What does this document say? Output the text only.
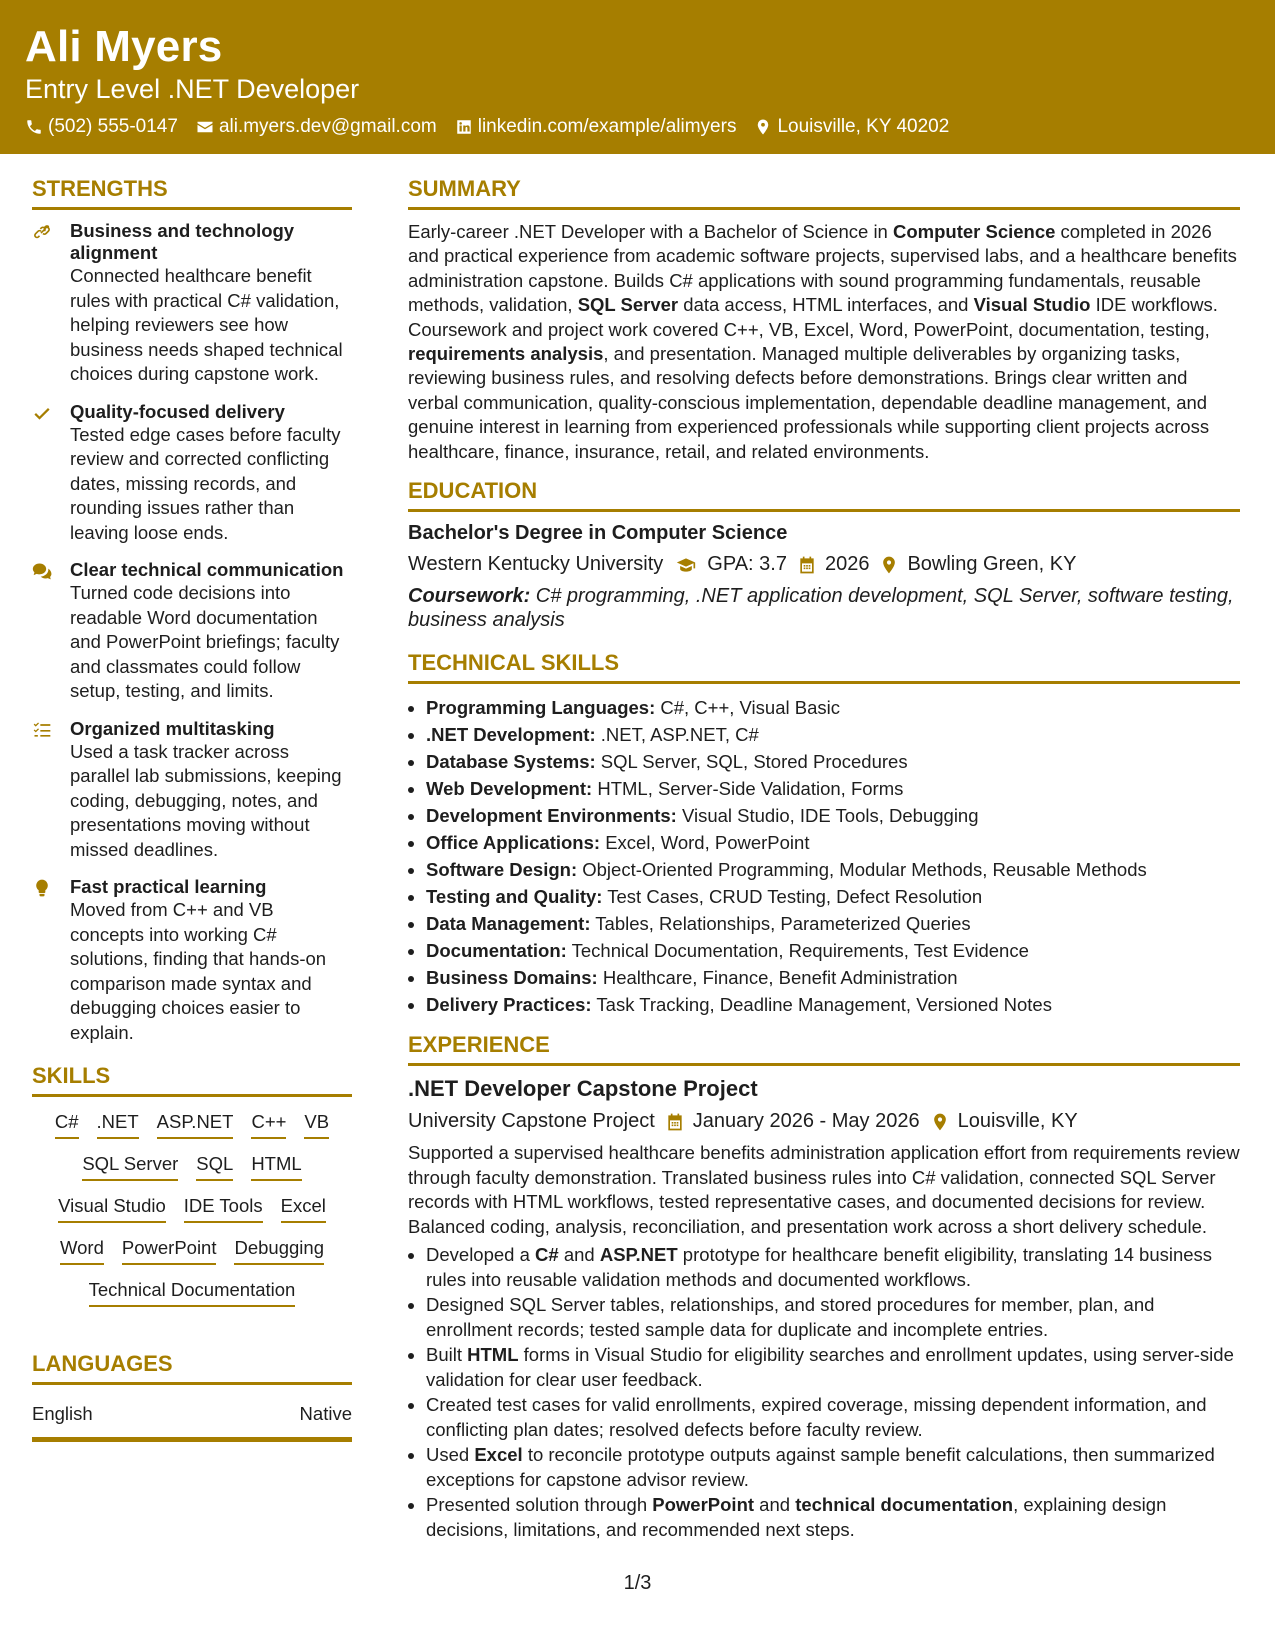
Ali Myers
Entry Level .NET Developer
(502) 555-0147 ali.myers.dev@gmail.com linkedin.com/example/alimyers Louisville, KY 40202
STRENGTHS
Business and technology alignment
Connected healthcare benefit rules with practical C# validation, helping reviewers see how business needs shaped technical choices during capstone work.
Quality-focused delivery
Tested edge cases before faculty review and corrected conflicting dates, missing records, and rounding issues rather than leaving loose ends.
Clear technical communication
Turned code decisions into readable Word documentation and PowerPoint briefings; faculty and classmates could follow setup, testing, and limits.
Organized multitasking
Used a task tracker across parallel lab submissions, keeping coding, debugging, notes, and presentations moving without missed deadlines.
Fast practical learning
Moved from C++ and VB concepts into working C# solutions, finding that hands-on comparison made syntax and debugging choices easier to explain.
SKILLS
C# .NET ASP.NET C++ VB
SQL Server SQL HTML
Visual Studio IDE Tools Excel
Word PowerPoint Debugging
Technical Documentation
LANGUAGES
English	Native
SUMMARY
Early-career .NET Developer with a Bachelor of Science in Computer Science completed in 2026 and practical experience from academic software projects, supervised labs, and a healthcare benefits administration capstone. Builds C# applications with sound programming fundamentals, reusable methods, validation, SQL Server data access, HTML interfaces, and Visual Studio IDE workflows. Coursework and project work covered C++, VB, Excel, Word, PowerPoint, documentation, testing, requirements analysis, and presentation. Managed multiple deliverables by organizing tasks, reviewing business rules, and resolving defects before demonstrations. Brings clear written and verbal communication, quality-conscious implementation, dependable deadline management, and genuine interest in learning from experienced professionals while supporting client projects across healthcare, finance, insurance, retail, and related environments.
EDUCATION
Bachelor's Degree in Computer Science
Western Kentucky University GPA: 3.7 2026 Bowling Green, KY
Coursework: C# programming, .NET application development, SQL Server, software testing, business analysis
TECHNICAL SKILLS
• Programming Languages: C#, C++, Visual Basic
• .NET Development: .NET, ASP.NET, C#
• Database Systems: SQL Server, SQL, Stored Procedures
• Web Development: HTML, Server-Side Validation, Forms
• Development Environments: Visual Studio, IDE Tools, Debugging
• Office Applications: Excel, Word, PowerPoint
• Software Design: Object-Oriented Programming, Modular Methods, Reusable Methods
• Testing and Quality: Test Cases, CRUD Testing, Defect Resolution
• Data Management: Tables, Relationships, Parameterized Queries
• Documentation: Technical Documentation, Requirements, Test Evidence
• Business Domains: Healthcare, Finance, Benefit Administration
• Delivery Practices: Task Tracking, Deadline Management, Versioned Notes
EXPERIENCE
.NET Developer Capstone Project
University Capstone Project January 2026 - May 2026 Louisville, KY
Supported a supervised healthcare benefits administration application effort from requirements review through faculty demonstration. Translated business rules into C# validation, connected SQL Server records with HTML workflows, tested representative cases, and documented decisions for review. Balanced coding, analysis, reconciliation, and presentation work across a short delivery schedule.
• Developed a C# and ASP.NET prototype for healthcare benefit eligibility, translating 14 business rules into reusable validation methods and documented workflows.
• Designed SQL Server tables, relationships, and stored procedures for member, plan, and enrollment records; tested sample data for duplicate and incomplete entries.
• Built HTML forms in Visual Studio for eligibility searches and enrollment updates, using server-side validation for clear user feedback.
• Created test cases for valid enrollments, expired coverage, missing dependent information, and conflicting plan dates; resolved defects before faculty review.
• Used Excel to reconcile prototype outputs against sample benefit calculations, then summarized exceptions for capstone advisor review.
• Presented solution through PowerPoint and technical documentation, explaining design decisions, limitations, and recommended next steps.
1/3
